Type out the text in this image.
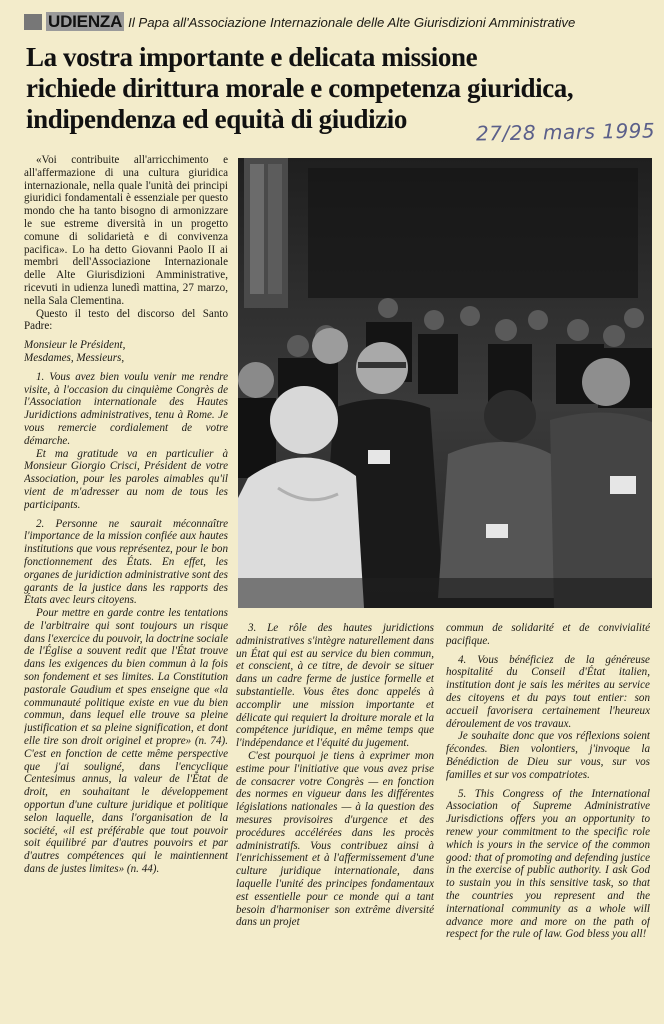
UDIENZA Il Papa all'Associazione Internazionale delle Alte Giurisdizioni Amministrative
La vostra importante e delicata missione
richiede dirittura morale e competenza giuridica,
indipendenza ed equità di giudizio	27/28 mars 1995

«Voi contribuite all'arricchimento e all'affermazione di una cultura giuridica internazionale, nella quale l'unità dei principi giuridici fondamentali è essenziale per questo mondo che ha tanto bisogno di armonizzare le sue estreme diversità in un progetto comune di solidarietà e di convivenza pacifica». Lo ha detto Giovanni Paolo II ai membri dell'Associazione Internazionale delle Alte Giurisdizioni Amministrative, ricevuti in udienza lunedì mattina, 27 marzo, nella Sala Clementina.

Questo il testo del discorso del Santo Padre:

Monsieur le Président,

Mesdames, Messieurs,

1. Vous avez bien voulu venir me rendre visite, à l'occasion du cinquième Congrès de l'Association internationale des Hautes Juridictions administratives, tenu à Rome. Je vous remercie cordialement de votre démarche.

Et ma gratitude va en particulier à Monsieur Giorgio Crisci, Président de votre Association, pour les paroles aimables qu'il vient de m'adresser au nom de tous les participants.

2. Personne ne saurait méconnaître l'importance de la mission confiée aux hautes institutions que vous représentez, pour le bon fonctionnement des États. En effet, les organes de juridiction administrative sont des garants de la justice dans les rapports des États avec leurs citoyens.

Pour mettre en garde contre les tentations de l'arbitraire qui sont toujours un risque dans l'exercice du pouvoir, la doctrine sociale de l'Église a souvent redit que l'État trouve dans les exigences du bien commun à la fois son fondement et ses limites. La Constitution pastorale Gaudium et spes enseigne que «la communauté politique existe en vue du bien commun, dans lequel elle trouve sa pleine justification et sa pleine signification, et dont elle tire son droit originel et propre» (n. 74). C'est en fonction de cette même perspective que j'ai souligné, dans l'encyclique Centesimus annus, la valeur de l'État de droit, en souhaitant le développement opportun d'une culture juridique et politique selon laquelle, dans l'organisation de la société, «il est préférable que tout pouvoir soit équilibré par d'autres pouvoirs et par d'autres compétences qui le maintiennent dans de justes limites» (n. 44).

3. Le rôle des hautes juridictions administratives s'intègre naturellement dans un État qui est au service du bien commun, et conscient, à ce titre, de devoir se situer dans un cadre ferme de justice formelle et substantielle. Vous êtes donc appelés à accomplir une mission importante et délicate qui requiert la droiture morale et la compétence juridique, en même temps que l'indépendance et l'équité du jugement.

C'est pourquoi je tiens à exprimer mon estime pour l'initiative que vous avez prise de consacrer votre Congrès — en fonction des normes en vigueur dans les différentes législations nationales — à la question des mesures provisoires d'urgence et des procédures accélérées dans les procès administratifs. Vous contribuez ainsi à l'enrichissement et à l'affermissement d'une culture juridique internationale, dans laquelle l'unité des principes fondamentaux est essentielle pour ce monde qui a tant besoin d'harmoniser son extrême diversité dans un projet

commun de solidarité et de convivialité pacifique.

4. Vous bénéficiez de la généreuse hospitalité du Conseil d'État italien, institution dont je sais les mérites au service des citoyens et du pays tout entier: son accueil favorisera certainement l'heureux déroulement de vos travaux.

Je souhaite donc que vos réflexions soient fécondes. Bien volontiers, j'invoque la Bénédiction de Dieu sur vous, sur vos familles et sur vos compatriotes.

5. This Congress of the International Association of Supreme Administrative Jurisdictions offers you an opportunity to renew your commitment to the specific role which is yours in the service of the common good: that of promoting and defending justice in the exercise of public authority. I ask God to sustain you in this sensitive task, so that the countries you represent and the international community as a whole will advance more and more on the path of respect for the rule of law. God bless you all!
